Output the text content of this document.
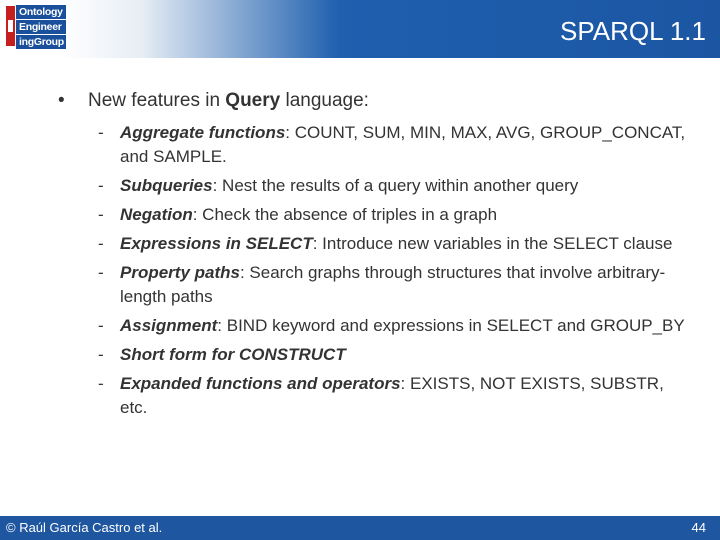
Ontology
Engineer
ingGroup	SPARQL 1.1
• New features in Query language:
- Aggregate functions: COUNT, SUM, MIN, MAX, AVG, GROUP_CONCAT, and SAMPLE.
- Subqueries: Nest the results of a query within another query
- Negation: Check the absence of triples in a graph
- Expressions in SELECT: Introduce new variables in the SELECT clause
- Property paths: Search graphs through structures that involve arbitrary-length paths
- Assignment: BIND keyword and expressions in SELECT and GROUP_BY
- Short form for CONSTRUCT
- Expanded functions and operators: EXISTS, NOT EXISTS, SUBSTR, etc.
© Raúl García Castro et al.	44
